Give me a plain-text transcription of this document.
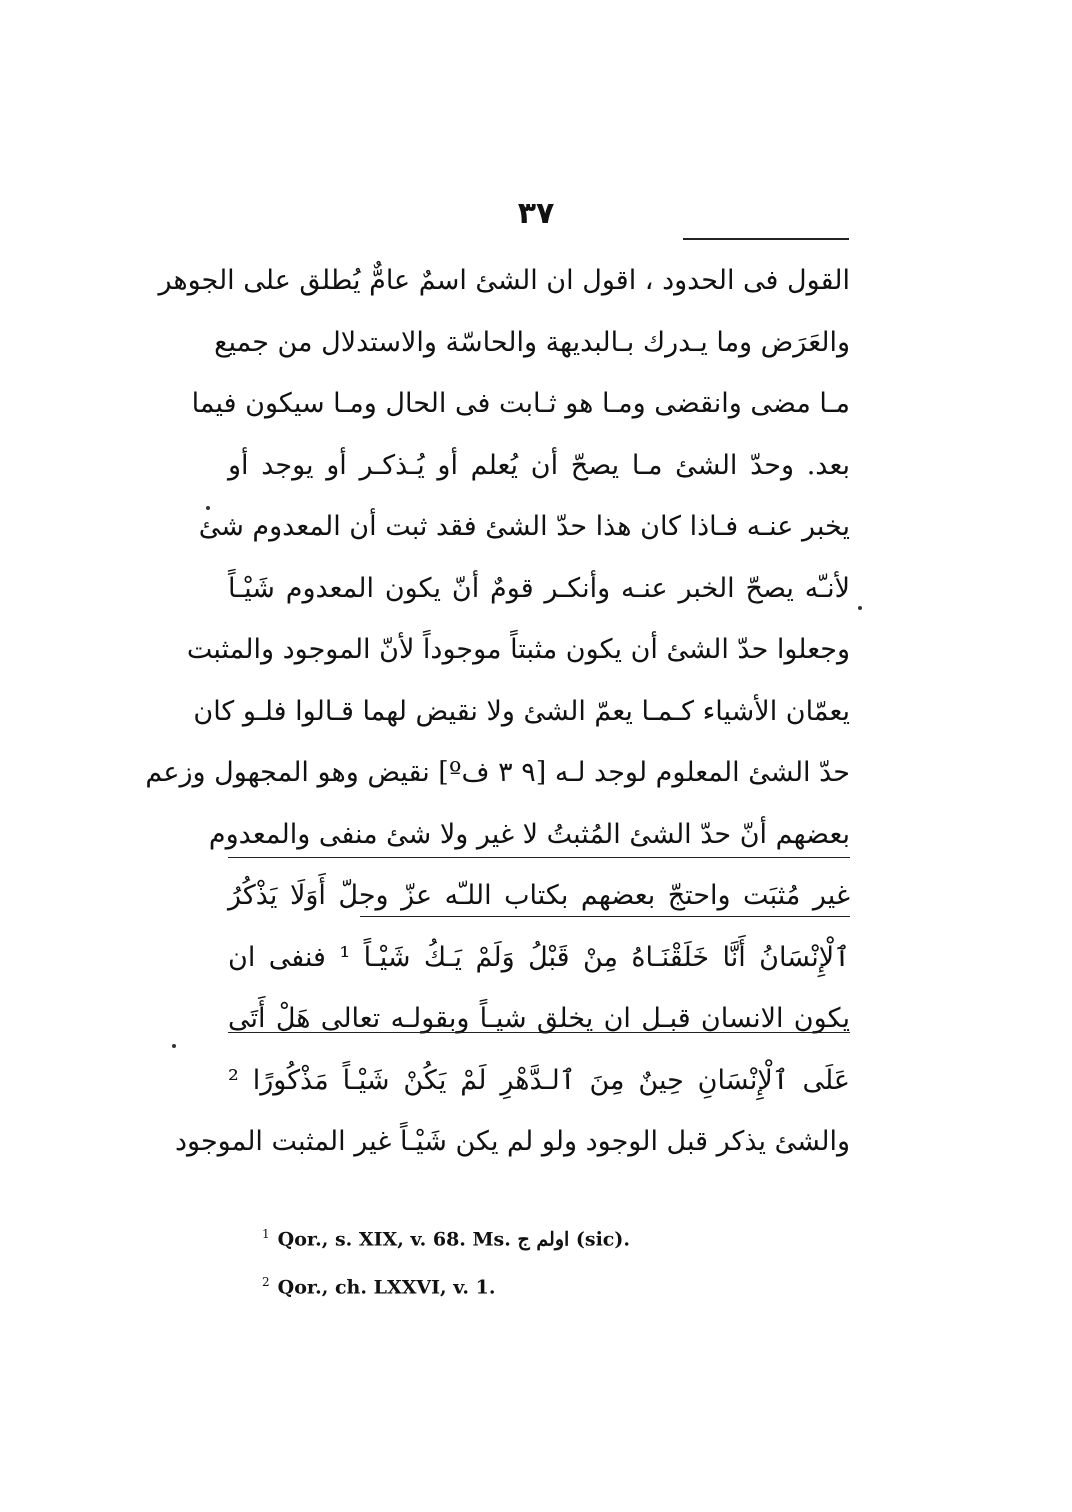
٣٧
القول فى الحدود ، اقول ان الشئ اسمٌ عامٌّ يُطلق على الجوهر
والعَرَض وما يـدرك بـالبديهة والحاسّة والاستدلال من جميع
مـا مضى وانقضى ومـا هو ثـابت فى الحال ومـا سيكون فيما
بعد. وحدّ الشئ مـا يصحّ أن يُعلم أو يُـذكـر أو يوجد أو
يخبر عنـه فـاذا كان هذا حدّ الشئ فقد ثبت أن المعدوم شئ
لأنـّه يصحّ الخبر عنـه وأنكـر قومٌ أنّ يكون المعدوم شَيْـاً
وجعلوا حدّ الشئ أن يكون مثبتاً موجوداً لأنّ الموجود والمثبت
يعمّان الأشياء كـمـا يعمّ الشئ ولا نقيض لهما قـالوا فلـو كان
حدّ الشئ المعلوم لوجد لـه [٩ ٣ فº] نقيض وهو المجهول وزعم
بعضهم أنّ حدّ الشئ المُثبتُ لا غير ولا شئ منفى والمعدوم
غير مُثبَت واحتجّ بعضهم بكتاب اللـّه عزّ وجلّ أَوَلَا يَذْكُرُ
ٱلْإِنْسَانُ أَنَّا خَلَقْنَـاهُ مِنْ قَبْلُ وَلَمْ يَـكُ شَيْـاً ¹ فنفى ان
يكون الانسان قبـل ان يخلق شيـاً وبقولـه تعالى هَلْ أَتَى
عَلَى ٱلْإِنْسَانِ حِينٌ مِنَ ٱلـدَّهْرِ لَمْ يَكُنْ شَيْـاً مَذْكُورًا ²
والشئ يذكر قبل الوجود ولو لم يكن شَيْـاً غير المثبت الموجود
$^1$ Qor., s. XIX, v. 68. Ms. اولم ج (sic).
$^2$ Qor., ch. LXXVI, v. 1.
